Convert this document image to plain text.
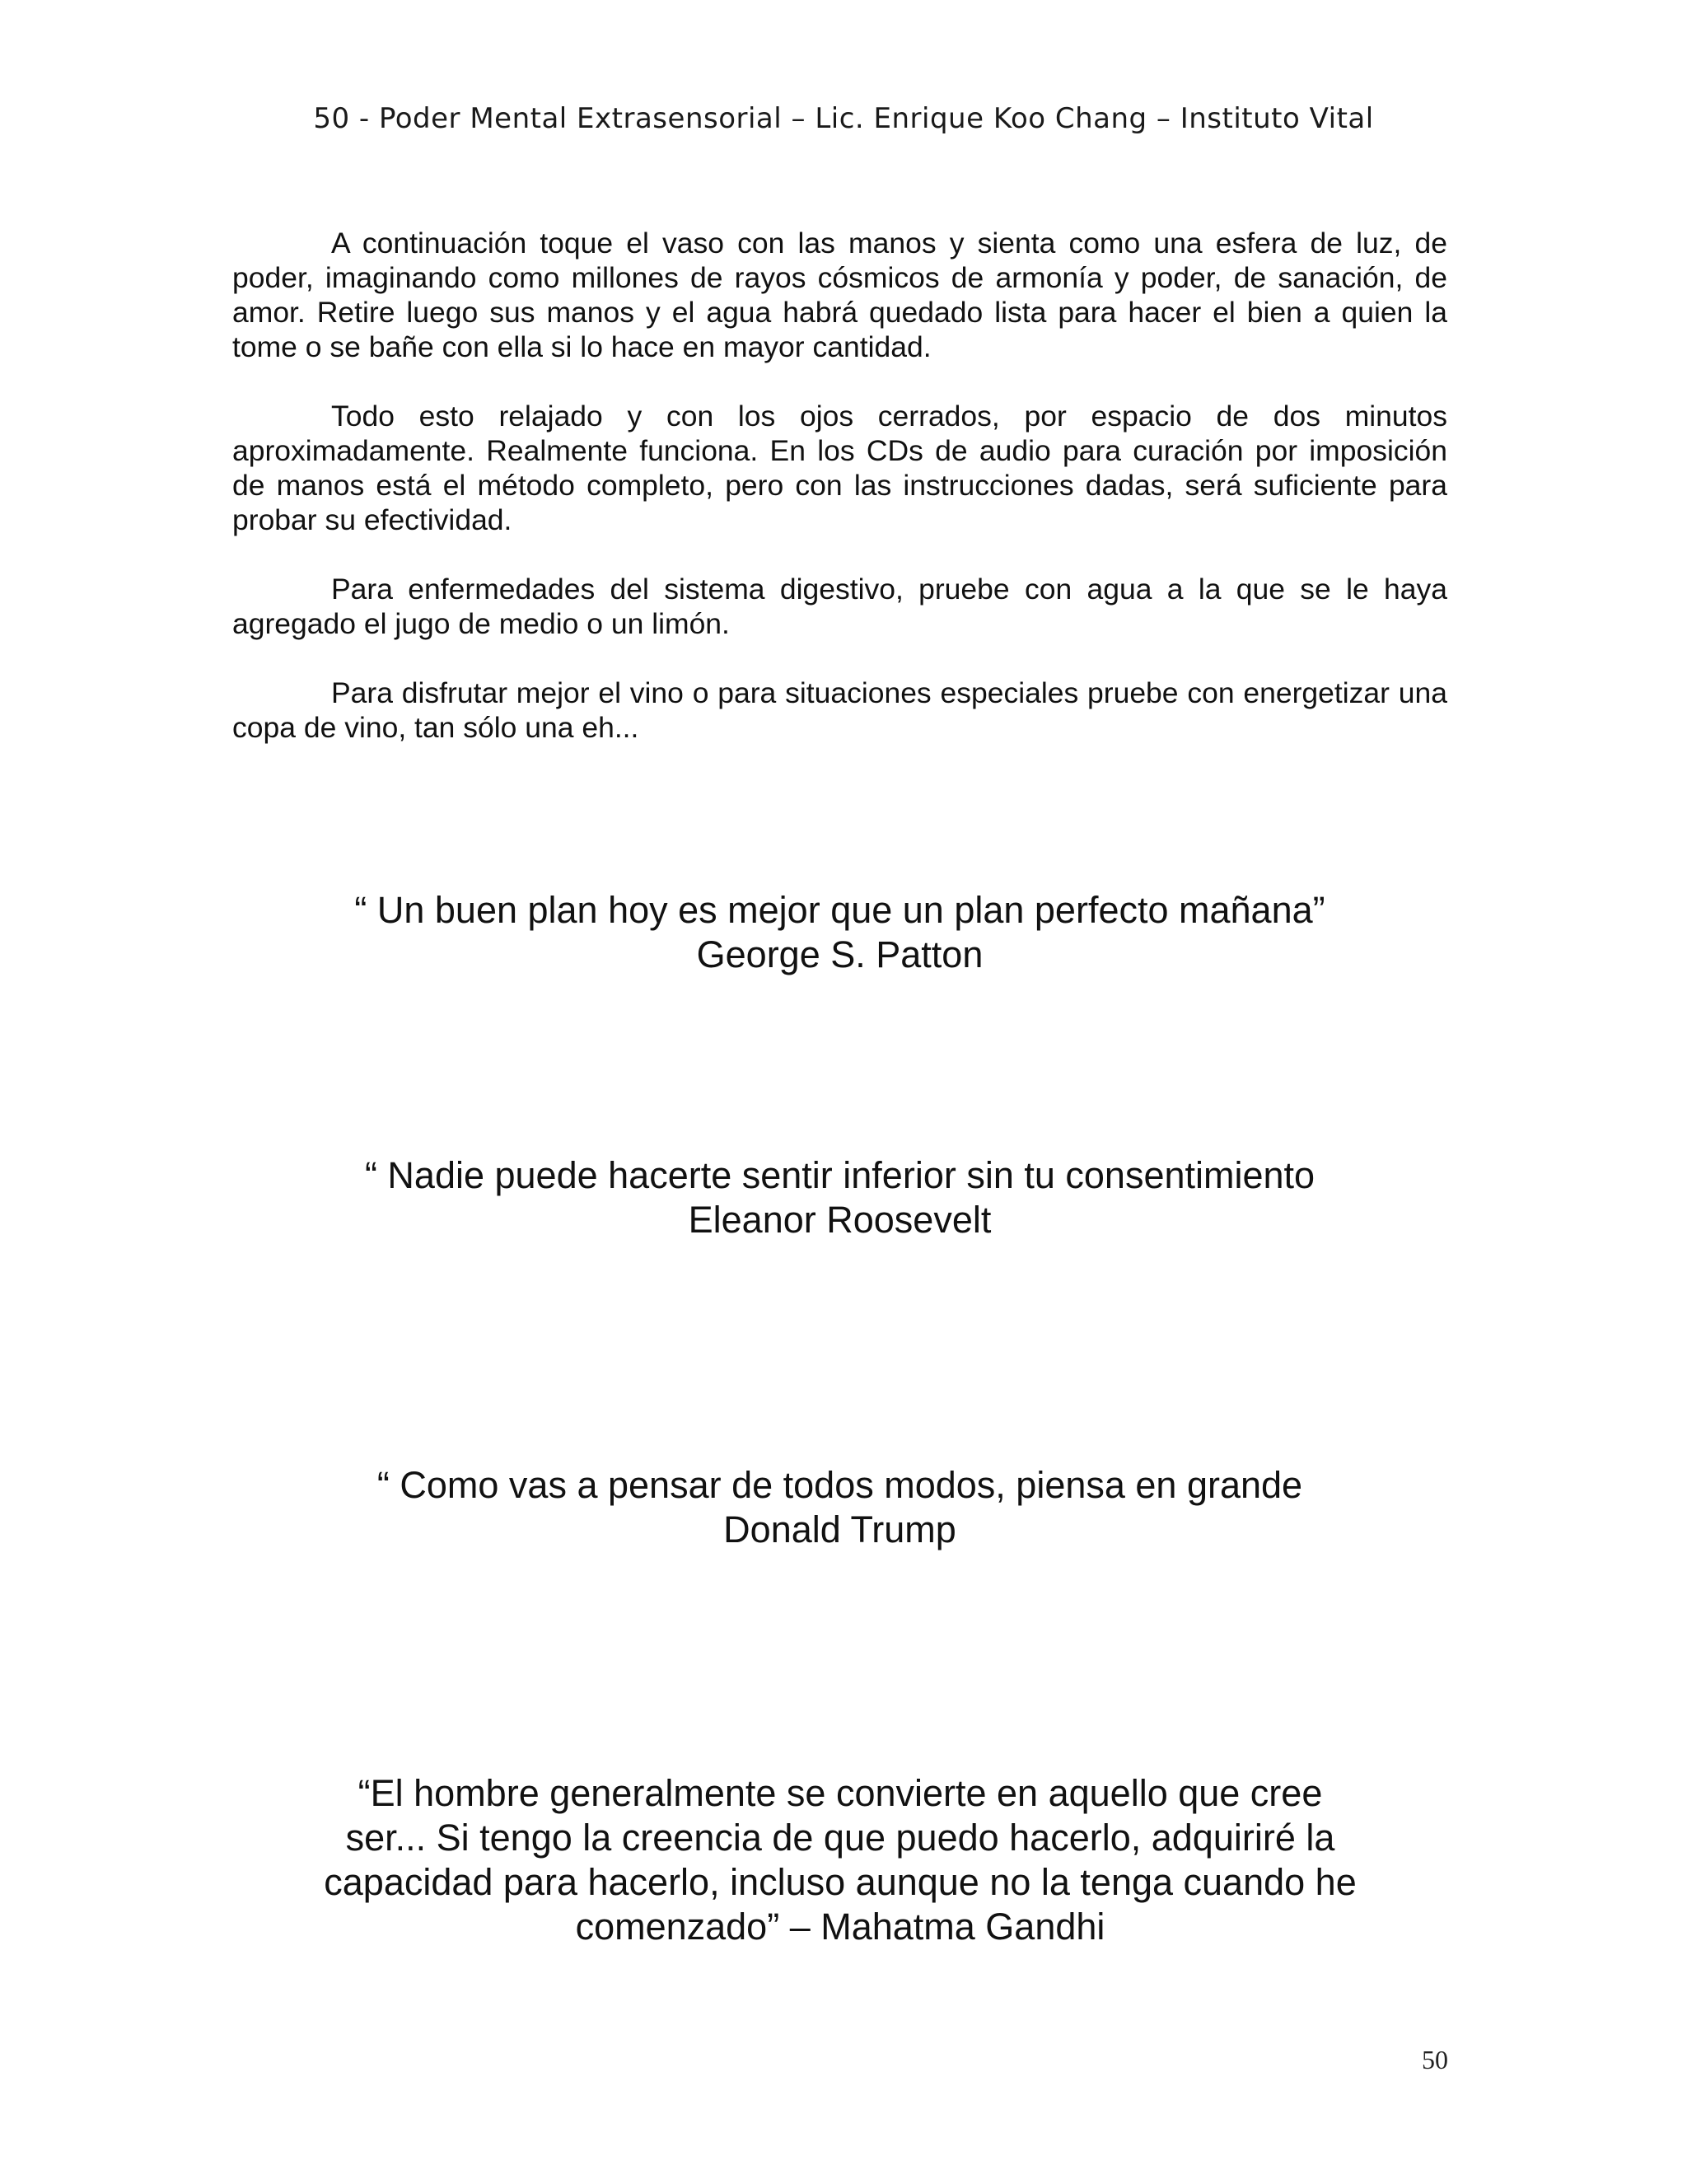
50 - Poder Mental Extrasensorial – Lic. Enrique Koo Chang – Instituto Vital

A continuación toque el vaso con las manos y sienta como una esfera de luz, de poder, imaginando como millones de rayos cósmicos de armonía y poder, de sanación, de amor. Retire luego sus manos y el agua habrá quedado lista para hacer el bien a quien la tome o se bañe con ella si lo hace en mayor cantidad.

Todo esto relajado y con los ojos cerrados, por espacio de dos minutos aproximadamente. Realmente funciona. En los CDs de audio para curación por imposición de manos está el método completo, pero con las instrucciones dadas, será suficiente para probar su efectividad.

Para enfermedades del sistema digestivo, pruebe con agua a la que se le haya agregado el jugo de medio o un limón.

Para disfrutar mejor el vino o para situaciones especiales pruebe con energetizar una copa de vino, tan sólo una eh...

“ Un buen plan hoy es mejor que un plan perfecto mañana”
George S. Patton
“ Nadie puede hacerte sentir inferior sin tu consentimiento
Eleanor Roosevelt
“ Como vas a pensar de todos modos, piensa en grande
Donald Trump
“El hombre generalmente se convierte en aquello que cree ser... Si tengo la creencia de que puedo hacerlo, adquiriré la capacidad para hacerlo, incluso aunque no la tenga cuando he comenzado” – Mahatma Gandhi
50
